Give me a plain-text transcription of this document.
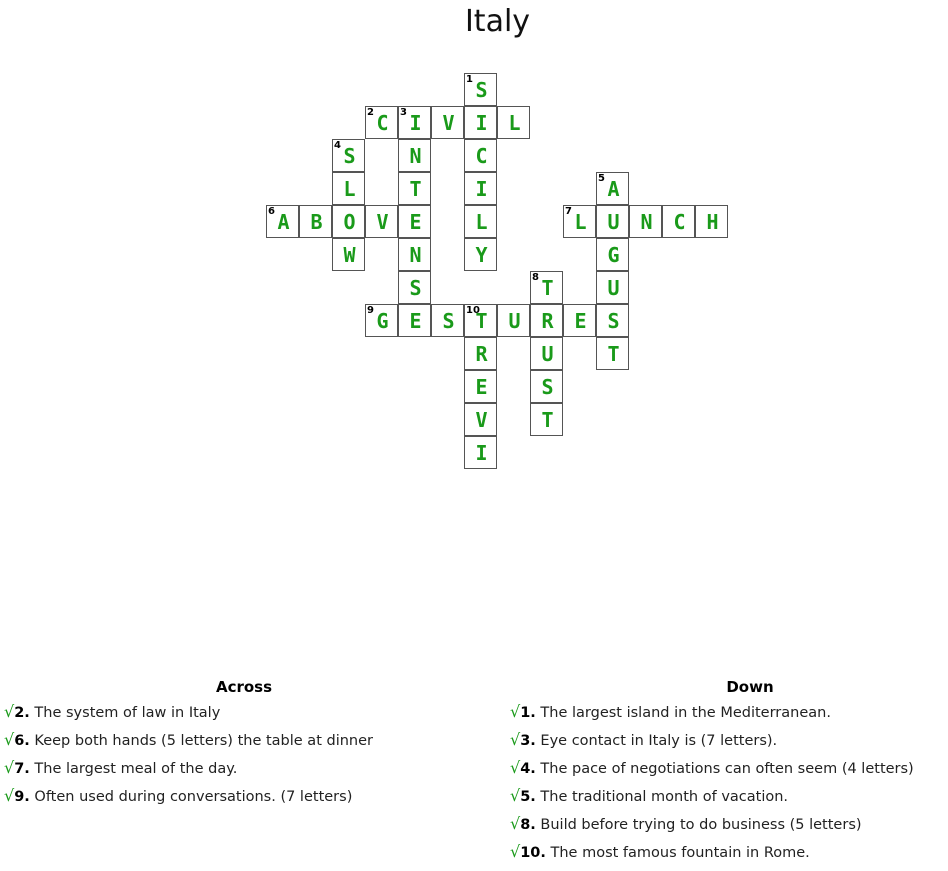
Italy
1 S
2 C	3 I	V	I	L
4 S	N	C
L	T	I	5 A
6 A	B	O	V	E	L	7 L	U	N	C	H
W	N	Y	G
S	8 T	U
9 G	E	S	10
T	U	R	E	S
R	U	T
E	S
V	T
I
Across
√2. The system of law in Italy
√6. Keep both hands (5 letters) the table at dinner
√7. The largest meal of the day.
√9. Often used during conversations. (7 letters)
Down
√1. The largest island in the Mediterranean.
√3. Eye contact in Italy is (7 letters).
√4. The pace of negotiations can often seem (4 letters)
√5. The traditional month of vacation.
√8. Build before trying to do business (5 letters)
√10. The most famous fountain in Rome.
